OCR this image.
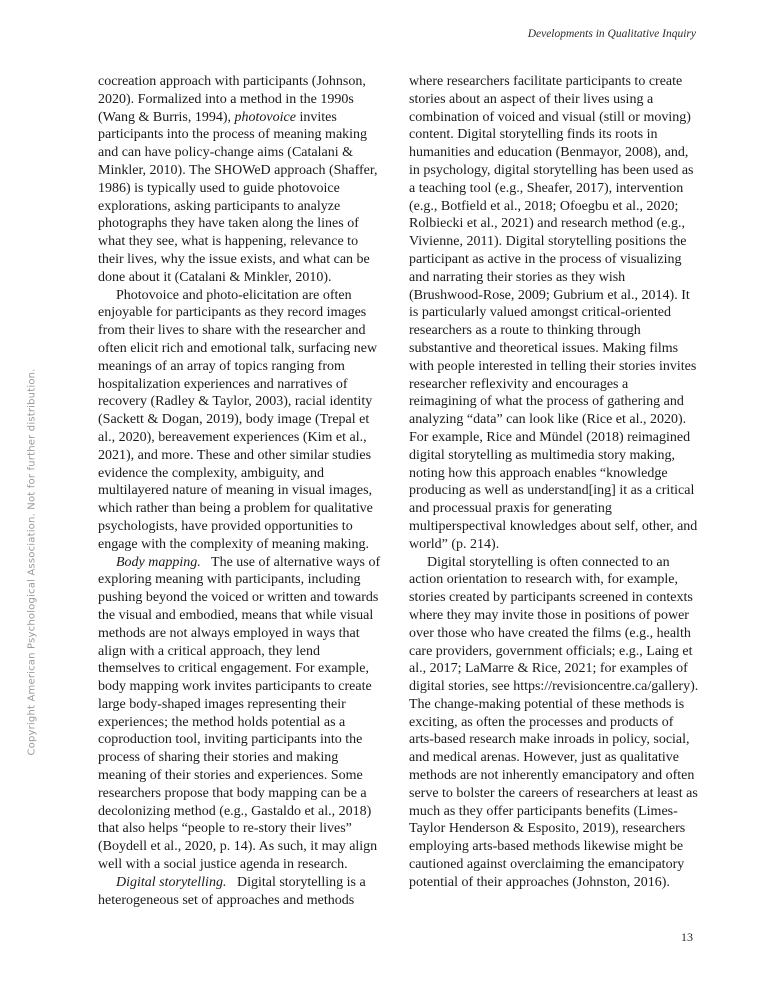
Developments in Qualitative Inquiry
Copyright American Psychological Association. Not for further distribution.

cocreation approach with participants (Johnson, 2020). Formalized into a method in the 1990s (Wang & Burris, 1994), photovoice invites participants into the process of meaning making and can have policy-change aims (Catalani & Minkler, 2010). The SHOWeD approach (Shaffer, 1986) is typically used to guide photovoice explorations, asking participants to analyze photographs they have taken along the lines of what they see, what is happening, relevance to their lives, why the issue exists, and what can be done about it (Catalani & Minkler, 2010).

Photovoice and photo-elicitation are often enjoyable for participants as they record images from their lives to share with the researcher and often elicit rich and emotional talk, surfacing new meanings of an array of topics ranging from hospitalization experiences and narratives of recovery (Radley & Taylor, 2003), racial identity (Sackett & Dogan, 2019), body image (Trepal et al., 2020), bereavement experiences (Kim et al., 2021), and more. These and other similar studies evidence the complexity, ambiguity, and multilayered nature of meaning in visual images, which rather than being a problem for qualitative psychologists, have provided opportunities to engage with the complexity of meaning making.

Body mapping. The use of alternative ways of exploring meaning with participants, including pushing beyond the voiced or written and towards the visual and embodied, means that while visual methods are not always employed in ways that align with a critical approach, they lend themselves to critical engagement. For example, body mapping work invites participants to create large body-shaped images representing their experiences; the method holds potential as a coproduction tool, inviting participants into the process of sharing their stories and making meaning of their stories and experiences. Some researchers propose that body mapping can be a decolonizing method (e.g., Gastaldo et al., 2018) that also helps “people to re-story their lives” (Boydell et al., 2020, p. 14). As such, it may align well with a social justice agenda in research.

Digital storytelling. Digital storytelling is a heterogeneous set of approaches and methods

where researchers facilitate participants to create stories about an aspect of their lives using a combination of voiced and visual (still or moving) content. Digital storytelling finds its roots in humanities and education (Benmayor, 2008), and, in psychology, digital storytelling has been used as a teaching tool (e.g., Sheafer, 2017), intervention (e.g., Botfield et al., 2018; Ofoegbu et al., 2020; Rolbiecki et al., 2021) and research method (e.g., Vivienne, 2011). Digital storytelling positions the participant as active in the process of visualizing and narrating their stories as they wish (Brushwood-Rose, 2009; Gubrium et al., 2014). It is particularly valued amongst critical-oriented researchers as a route to thinking through substantive and theoretical issues. Making films with people interested in telling their stories invites researcher reflexivity and encourages a reimagining of what the process of gathering and analyzing “data” can look like (Rice et al., 2020). For example, Rice and Mündel (2018) reimagined digital storytelling as multimedia story making, noting how this approach enables “knowledge producing as well as understand[ing] it as a critical and processual praxis for generating multiperspectival knowledges about self, other, and world” (p. 214).

Digital storytelling is often connected to an action orientation to research with, for example, stories created by participants screened in contexts where they may invite those in positions of power over those who have created the films (e.g., health care providers, government officials; e.g., Laing et al., 2017; LaMarre & Rice, 2021; for examples of digital stories, see https://revisioncentre.ca/gallery). The change-making potential of these methods is exciting, as often the processes and products of arts-based research make inroads in policy, social, and medical arenas. However, just as qualitative methods are not inherently emancipatory and often serve to bolster the careers of researchers at least as much as they offer participants benefits (Limes-Taylor Henderson & Esposito, 2019), researchers employing arts-based methods likewise might be cautioned against overclaiming the emancipatory potential of their approaches (Johnston, 2016).

13
